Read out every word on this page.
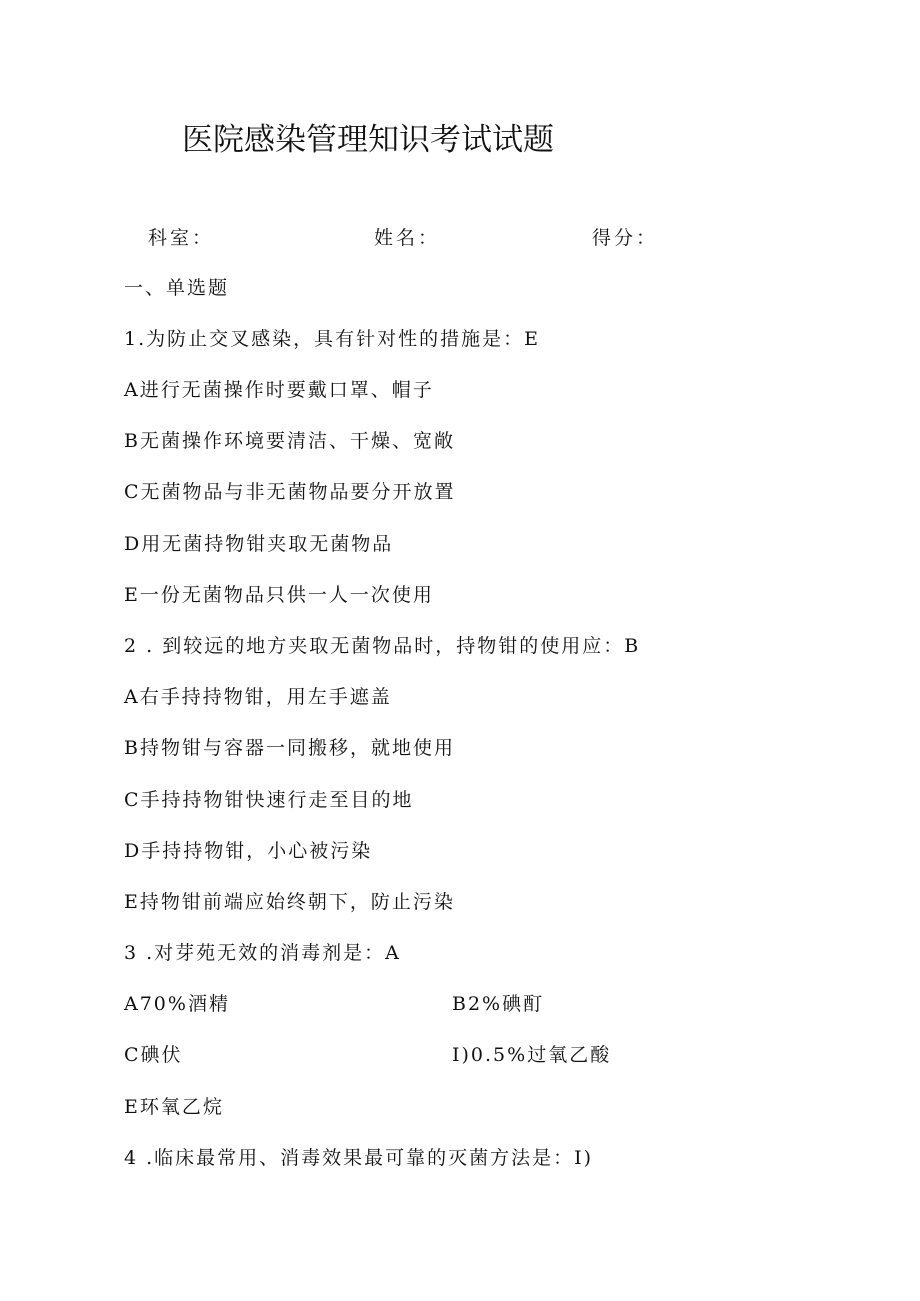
医院感染管理知识考试试题
科室：	姓名：	得分：
一、单选题
1.为防止交叉感染，具有针对性的措施是：E
A进行无菌操作时要戴口罩、帽子
B无菌操作环境要清洁、干燥、宽敞
C无菌物品与非无菌物品要分开放置
D用无菌持物钳夹取无菌物品
E一份无菌物品只供一人一次使用
2 . 到较远的地方夹取无菌物品时，持物钳的使用应：B
A右手持持物钳，用左手遮盖
B持物钳与容器一同搬移，就地使用
C手持持物钳快速行走至目的地
D手持持物钳，小心被污染
E持物钳前端应始终朝下，防止污染
3 .对芽苑无效的消毒剂是：A
A70%酒精	B2%碘酊
C碘伏	I)0.5%过氧乙酸
E环氧乙烷
4 .临床最常用、消毒效果最可靠的灭菌方法是：I)
